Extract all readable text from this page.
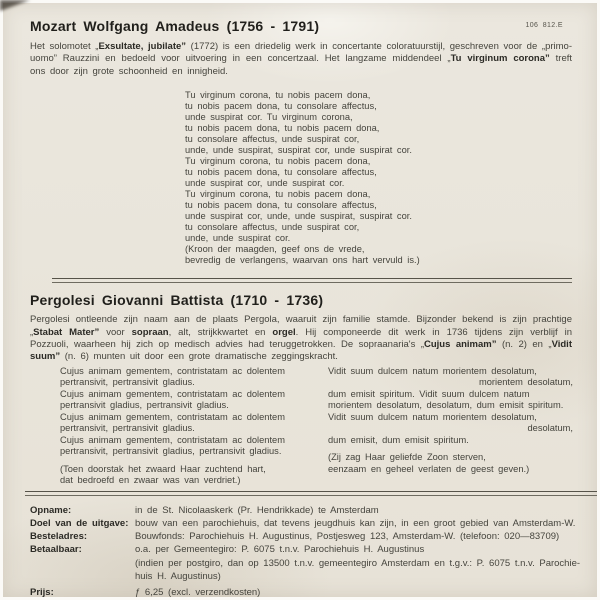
106 812.E
Mozart Wolfgang Amadeus (1756 - 1791)

Het solomotet „Exsultate, jubilate” (1772) is een driedelig werk in concertante coloratuurstijl, geschreven voor de „primo-uomo” Rauzzini en bedoeld voor uitvoering in een concertzaal. Het langzame middendeel „Tu virginum corona” treft ons door zijn grote schoonheid en innigheid.

Tu virginum corona, tu nobis pacem dona,
tu nobis pacem dona, tu consolare affectus,
unde suspirat cor. Tu virginum corona,
tu nobis pacem dona, tu nobis pacem dona,
tu consolare affectus, unde suspirat cor,
unde, unde suspirat, suspirat cor, unde suspirat cor.
Tu virginum corona, tu nobis pacem dona,
tu nobis pacem dona, tu consolare affectus,
unde suspirat cor, unde suspirat cor.
Tu virginum corona, tu nobis pacem dona,
tu nobis pacem dona, tu consolare affectus,
unde suspirat cor, unde, unde suspirat, suspirat cor.
tu consolare affectus, unde suspirat cor,
unde, unde suspirat cor.
(Kroon der maagden, geef ons de vrede,
bevredig de verlangens, waarvan ons hart vervuld is.)
Pergolesi Giovanni Battista (1710 - 1736)

Pergolesi ontleende zijn naam aan de plaats Pergola, waaruit zijn familie stamde. Bijzonder bekend is zijn prachtige „Stabat Mater” voor sopraan, alt, strijkkwartet en orgel. Hij componeerde dit werk in 1736 tijdens zijn verblijf in Pozzuoli, waarheen hij zich op medisch advies had teruggetrokken. De sopraanaria's „Cujus animam” (n. 2) en „Vidit suum” (n. 6) munten uit door een grote dramatische zeggingskracht.

Cujus animam gementem, contristatam ac dolentem
pertransivit, pertransivit gladius.
Cujus animam gementem, contristatam ac dolentem
pertransivit gladius, pertransivit gladius.
Cujus animam gementem, contristatam ac dolentem
pertransivit, pertransivit gladius.
Cujus animam gementem, contristatam ac dolentem
pertransivit, pertransivit gladius, pertransivit gladius.
(Toen doorstak het zwaard Haar zuchtend hart,
dat bedroefd en zwaar was van verdriet.)
Vidit suum dulcem natum morientem desolatum,
morientem desolatum,
dum emisit spiritum. Vidit suum dulcem natum
morientem desolatum, desolatum, dum emisit spiritum.
Vidit suum dulcem natum morientem desolatum,
desolatum,
dum emisit, dum emisit spiritum.
(Zij zag Haar geliefde Zoon sterven,
eenzaam en geheel verlaten de geest geven.)
Opname:	in de St. Nicolaaskerk (Pr. Hendrikkade) te Amsterdam
Doel van de uitgave: bouw van een parochiehuis, dat tevens jeugdhuis kan zijn, in een groot gebied van Amsterdam-W.
Besteladres:	Bouwfonds: Parochiehuis H. Augustinus, Postjesweg 123, Amsterdam-W. (telefoon: 020—83709)
Betaalbaar:	o.a. per Gemeentegiro: P. 6075 t.n.v. Parochiehuis H. Augustinus
(indien per postgiro, dan op 13500 t.n.v. gemeentegiro Amsterdam en t.g.v.: P. 6075 t.n.v. Parochie-
huis H. Augustinus)
Prijs:	ƒ 6,25 (excl. verzendkosten)
